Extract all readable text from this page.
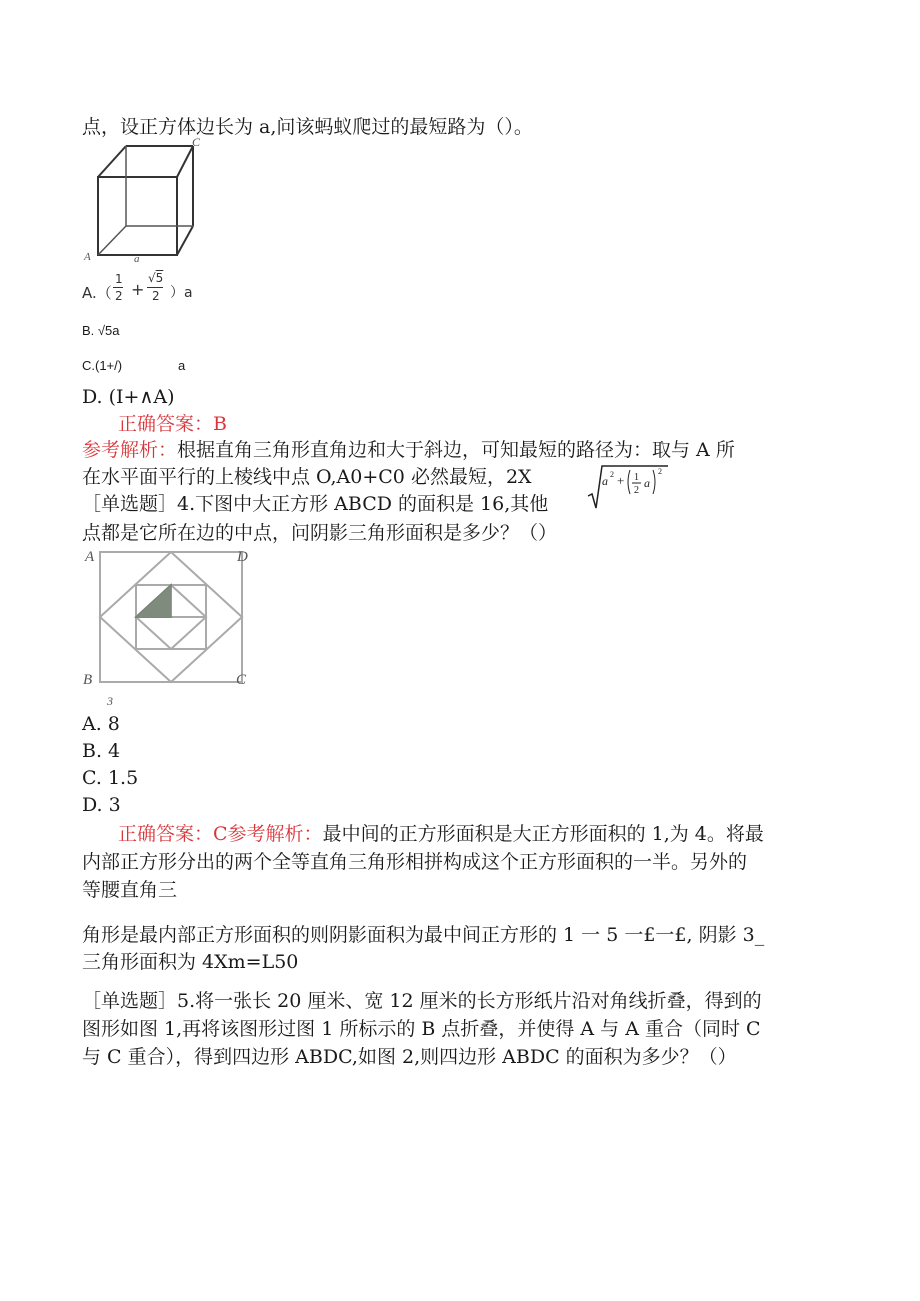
点，设正方体边长为 a,问该蚂蚁爬过的最短路为（）。
C
A	a
A.（
1
2 +
√5
2 ）a
B. √5a
C.(1+/)	a
D. (I+∧A)
正确答案：B
参考解析：根据直角三角形直角边和大于斜边，可知最短的路径为：取与 A 所
在水平面平行的上棱线中点 O,A0+C0 必然最短，2X	a 2 + 1
2
a
2
［单选题］4.下图中大正方形 ABCD 的面积是 16,其他
点都是它所在边的中点，问阴影三角形面积是多少？（）
A	D
B	C
3
A. 8
B. 4
C. 1.5
D. 3
正确答案：C参考解析：最中间的正方形面积是大正方形面积的 1,为 4。将最
内部正方形分出的两个全等直角三角形相拼构成这个正方形面积的一半。另外的
等腰直角三
角形是最内部正方形面积的则阴影面积为最中间正方形的 1 一 5 一£一£, 阴影 3_
三角形面积为 4Xm=L50
［单选题］5.将一张长 20 厘米、宽 12 厘米的长方形纸片沿对角线折叠，得到的
图形如图 1,再将该图形过图 1 所标示的 B 点折叠，并使得 A 与 A 重合（同时 C
与 C 重合），得到四边形 ABDC,如图 2,则四边形 ABDC 的面积为多少？（）
